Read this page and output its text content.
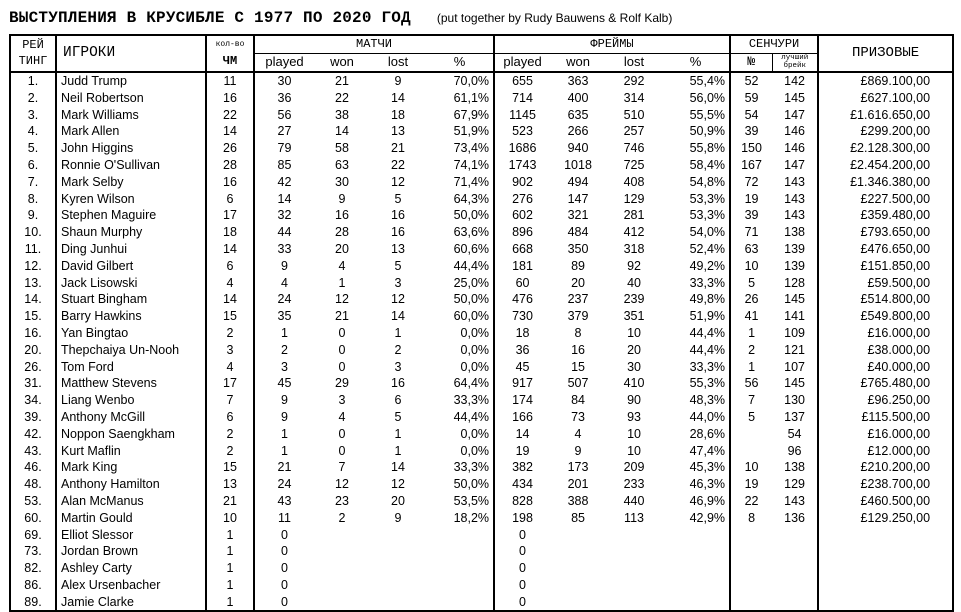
ВЫСТУПЛЕНИЯ В КРУСИБЛЕ С 1977 ПО 2020 ГОД (put together by Rudy Bauwens & Rolf Kalb)
РЕЙ
ТИНГ	ИГРОКИ	кол-во
ЧМ	МАТЧИ				ФРЕЙМЫ				СЕНЧУРИ		ПРИЗОВЫЕ
			played	won	lost	%	played	won	lost	%	№	лучший
брейк	
1.	Judd Trump	11	30	21	9	70,0%	655	363	292	55,4%	52	142	£869.100,00
2.	Neil Robertson	16	36	22	14	61,1%	714	400	314	56,0%	59	145	£627.100,00
3.	Mark Williams	22	56	38	18	67,9%	1145	635	510	55,5%	54	147	£1.616.650,00
4.	Mark Allen	14	27	14	13	51,9%	523	266	257	50,9%	39	146	£299.200,00
5.	John Higgins	26	79	58	21	73,4%	1686	940	746	55,8%	150	146	£2.128.300,00
6.	Ronnie O'Sullivan	28	85	63	22	74,1%	1743	1018	725	58,4%	167	147	£2.454.200,00
7.	Mark Selby	16	42	30	12	71,4%	902	494	408	54,8%	72	143	£1.346.380,00
8.	Kyren Wilson	6	14	9	5	64,3%	276	147	129	53,3%	19	143	£227.500,00
9.	Stephen Maguire	17	32	16	16	50,0%	602	321	281	53,3%	39	143	£359.480,00
10.	Shaun Murphy	18	44	28	16	63,6%	896	484	412	54,0%	71	138	£793.650,00
11.	Ding Junhui	14	33	20	13	60,6%	668	350	318	52,4%	63	139	£476.650,00
12.	David Gilbert	6	9	4	5	44,4%	181	89	92	49,2%	10	139	£151.850,00
13.	Jack Lisowski	4	4	1	3	25,0%	60	20	40	33,3%	5	128	£59.500,00
14.	Stuart Bingham	14	24	12	12	50,0%	476	237	239	49,8%	26	145	£514.800,00
15.	Barry Hawkins	15	35	21	14	60,0%	730	379	351	51,9%	41	141	£549.800,00
16.	Yan Bingtao	2	1	0	1	0,0%	18	8	10	44,4%	1	109	£16.000,00
20.	Thepchaiya Un-Nooh	3	2	0	2	0,0%	36	16	20	44,4%	2	121	£38.000,00
26.	Tom Ford	4	3	0	3	0,0%	45	15	30	33,3%	1	107	£40.000,00
31.	Matthew Stevens	17	45	29	16	64,4%	917	507	410	55,3%	56	145	£765.480,00
34.	Liang Wenbo	7	9	3	6	33,3%	174	84	90	48,3%	7	130	£96.250,00
39.	Anthony McGill	6	9	4	5	44,4%	166	73	93	44,0%	5	137	£115.500,00
42.	Noppon Saengkham	2	1	0	1	0,0%	14	4	10	28,6%		54	£16.000,00
43.	Kurt Maflin	2	1	0	1	0,0%	19	9	10	47,4%		96	£12.000,00
46.	Mark King	15	21	7	14	33,3%	382	173	209	45,3%	10	138	£210.200,00
48.	Anthony Hamilton	13	24	12	12	50,0%	434	201	233	46,3%	19	129	£238.700,00
53.	Alan McManus	21	43	23	20	53,5%	828	388	440	46,9%	22	143	£460.500,00
60.	Martin Gould	10	11	2	9	18,2%	198	85	113	42,9%	8	136	£129.250,00
69.	Elliot Slessor	1	0				0						
73.	Jordan Brown	1	0				0						
82.	Ashley Carty	1	0				0						
86.	Alex Ursenbacher	1	0				0						
89.	Jamie Clarke	1	0				0						
